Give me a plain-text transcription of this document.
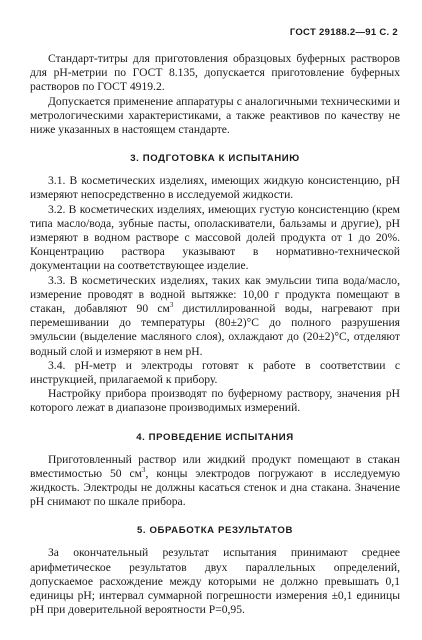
ГОСТ 29188.2—91 С. 2

Стандарт-титры для приготовления образцовых буферных растворов для pH-метрии по ГОСТ 8.135, допускается приготовление буферных растворов по ГОСТ 4919.2.

Допускается применение аппаратуры с аналогичными техническими и метрологическими характеристиками, а также реактивов по качеству не ниже указанных в настоящем стандарте.

3. ПОДГОТОВКА К ИСПЫТАНИЮ

3.1. В косметических изделиях, имеющих жидкую консистенцию, pH измеряют непосредственно в исследуемой жидкости.

3.2. В косметических изделиях, имеющих густую консистенцию (крем типа масло/вода, зубные пасты, ополаскиватели, бальзамы и другие), pH измеряют в водном растворе с массовой долей продукта от 1 до 20%. Концентрацию раствора указывают в нормативно-технической документации на соответствующее изделие.

3.3. В косметических изделиях, таких как эмульсии типа вода/масло, измерение проводят в водной вытяжке: 10,00 г продукта помещают в стакан, добавляют 90 $см^3$ дистиллированной воды, нагревают при перемешивании до температуры (80±2)°С до полного разрушения эмульсии (выделение масляного слоя), охлаждают до (20±2)°С, отделяют водный слой и измеряют в нем pH.

3.4. pH-метр и электроды готовят к работе в соответствии с инструкцией, прилагаемой к прибору.

Настройку прибора производят по буферному раствору, значения pH которого лежат в диапазоне производимых измерений.

4. ПРОВЕДЕНИЕ ИСПЫТАНИЯ

Приготовленный раствор или жидкий продукт помещают в стакан вместимостью 50 $см^3$, концы электродов погружают в исследуемую жидкость. Электроды не должны касаться стенок и дна стакана. Значение pH снимают по шкале прибора.

5. ОБРАБОТКА РЕЗУЛЬТАТОВ

За окончательный результат испытания принимают среднее арифметическое результатов двух параллельных определений, допускаемое расхождение между которыми не должно превышать 0,1 единицы pH; интервал суммарной погрешности измерения ±0,1 единицы pH при доверительной вероятности P=0,95.
